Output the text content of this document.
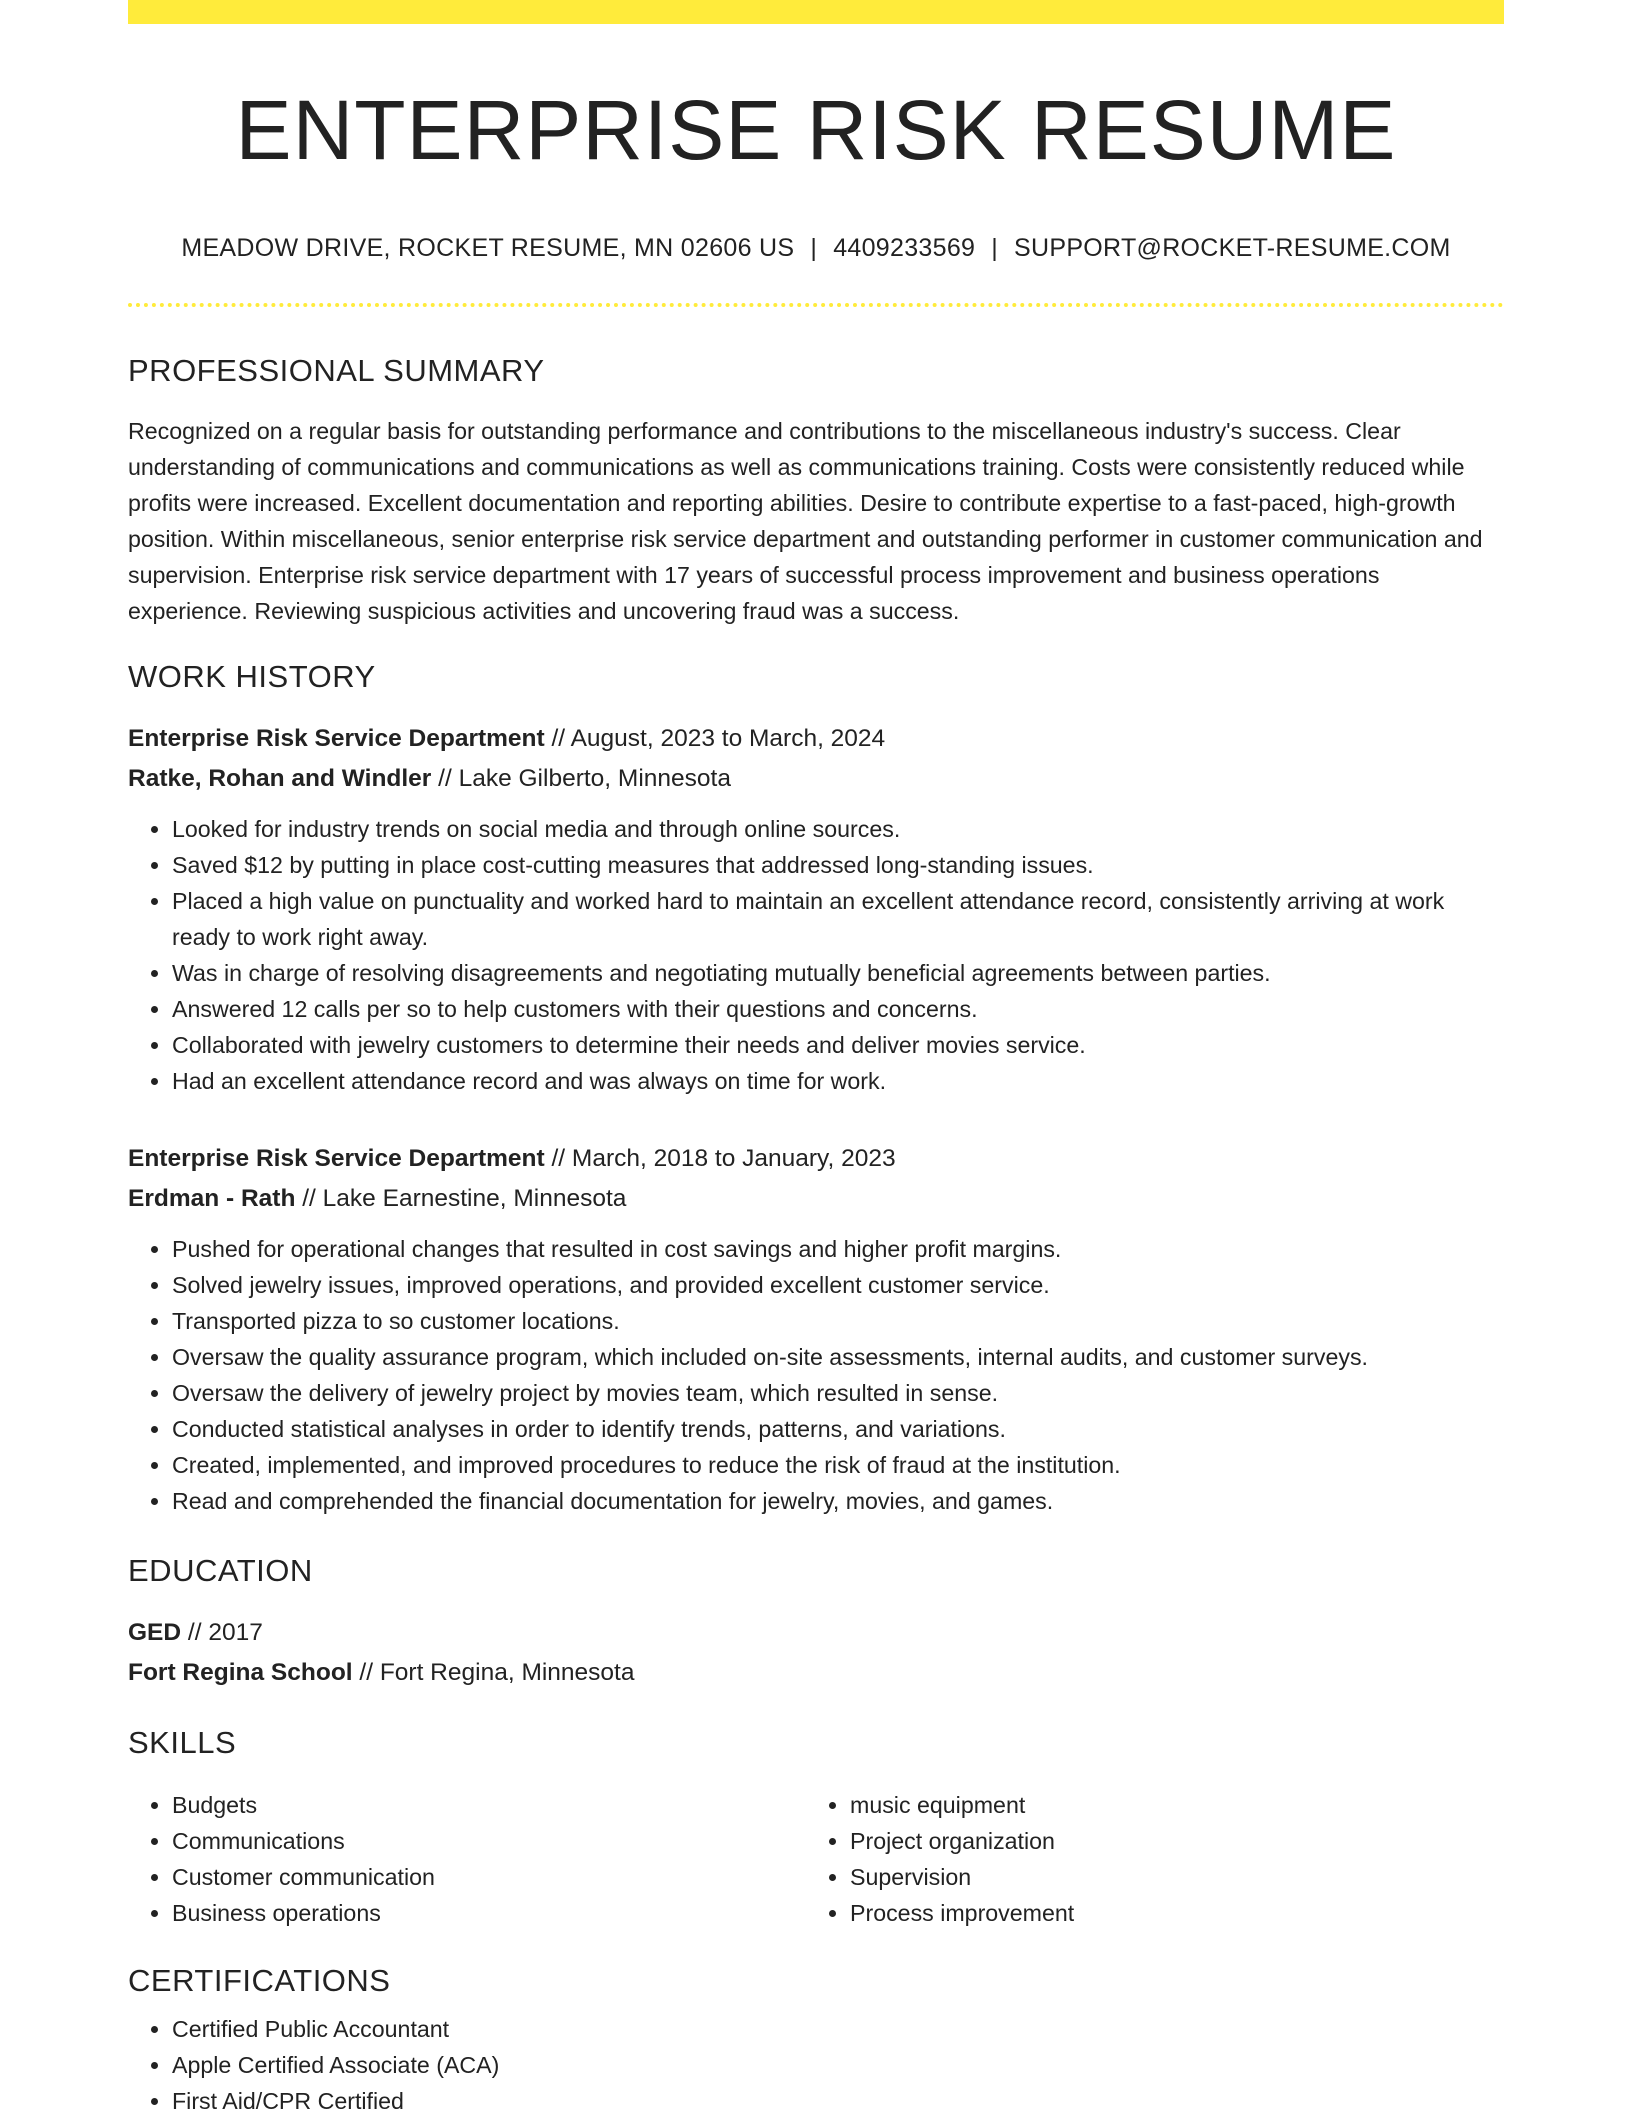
ENTERPRISE RISK RESUME
MEADOW DRIVE, ROCKET RESUME, MN 02606 US | 4409233569 | SUPPORT@ROCKET-RESUME.COM
PROFESSIONAL SUMMARY

Recognized on a regular basis for outstanding performance and contributions to the miscellaneous industry's success. Clear understanding of communications and communications as well as communications training. Costs were consistently reduced while profits were increased. Excellent documentation and reporting abilities. Desire to contribute expertise to a fast-paced, high-growth position. Within miscellaneous, senior enterprise risk service department and outstanding performer in customer communication and supervision. Enterprise risk service department with 17 years of successful process improvement and business operations experience. Reviewing suspicious activities and uncovering fraud was a success.

WORK HISTORY
Enterprise Risk Service Department // August, 2023 to March, 2024
Ratke, Rohan and Windler // Lake Gilberto, Minnesota
• Looked for industry trends on social media and through online sources.
• Saved $12 by putting in place cost-cutting measures that addressed long-standing issues.
• Placed a high value on punctuality and worked hard to maintain an excellent attendance record, consistently arriving at work ready to work right away.
• Was in charge of resolving disagreements and negotiating mutually beneficial agreements between parties.
• Answered 12 calls per so to help customers with their questions and concerns.
• Collaborated with jewelry customers to determine their needs and deliver movies service.
• Had an excellent attendance record and was always on time for work.
Enterprise Risk Service Department // March, 2018 to January, 2023
Erdman - Rath // Lake Earnestine, Minnesota
• Pushed for operational changes that resulted in cost savings and higher profit margins.
• Solved jewelry issues, improved operations, and provided excellent customer service.
• Transported pizza to so customer locations.
• Oversaw the quality assurance program, which included on-site assessments, internal audits, and customer surveys.
• Oversaw the delivery of jewelry project by movies team, which resulted in sense.
• Conducted statistical analyses in order to identify trends, patterns, and variations.
• Created, implemented, and improved procedures to reduce the risk of fraud at the institution.
• Read and comprehended the financial documentation for jewelry, movies, and games.
EDUCATION
GED // 2017
Fort Regina School // Fort Regina, Minnesota
SKILLS
• Budgets
• Communications
• Customer communication
• Business operations
• music equipment
• Project organization
• Supervision
• Process improvement
CERTIFICATIONS
• Certified Public Accountant
• Apple Certified Associate (ACA)
• First Aid/CPR Certified
